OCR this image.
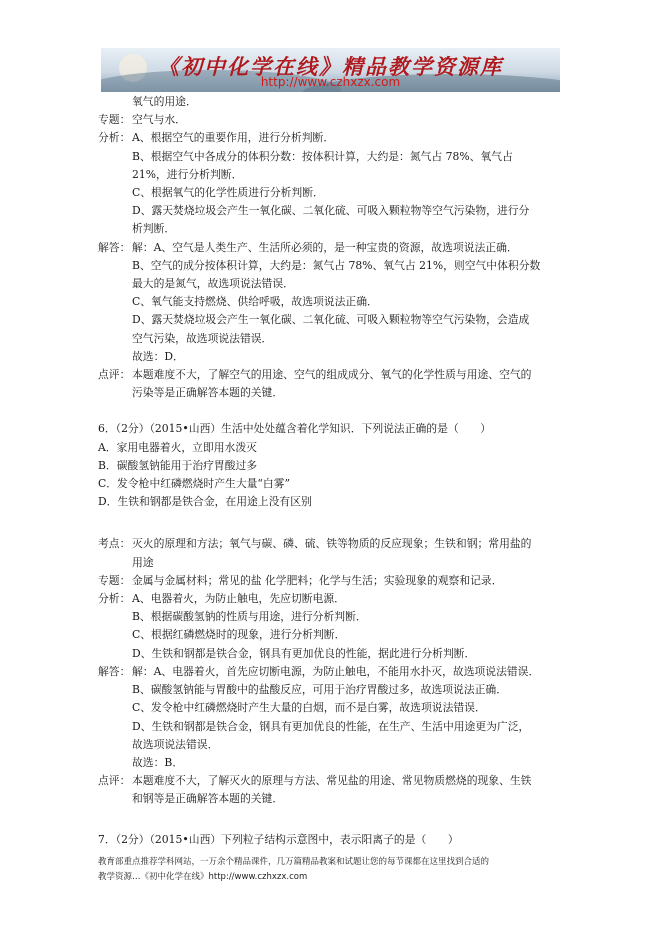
《初中化学在线》精品教学资源库
http://www.czhxzx.com
氧气的用途．
专题： 空气与水．
分析： A、根据空气的重要作用，进行分析判断．
B、根据空气中各成分的体积分数：按体积计算，大约是：氮气占 78%、氧气占
21%，进行分析判断．
C、根据氧气的化学性质进行分析判断．
D、露天焚烧垃圾会产生一氧化碳、二氧化硫、可吸入颗粒物等空气污染物，进行分
析判断．
解答： 解：A、空气是人类生产、生活所必须的，是一种宝贵的资源，故选项说法正确．
B、空气的成分按体积计算，大约是：氮气占 78%、氧气占 21%，则空气中体积分数
最大的是氮气，故选项说法错误．
C、氧气能支持燃烧、供给呼吸，故选项说法正确．
D、露天焚烧垃圾会产生一氧化碳、二氧化硫、可吸入颗粒物等空气污染物，会造成
空气污染，故选项说法错误．
故选：D．
点评： 本题难度不大，了解空气的用途、空气的组成成分、氧气的化学性质与用途、空气的
污染等是正确解答本题的关键．
6．（2分）（2015•山西）生活中处处蕴含着化学知识．下列说法正确的是（　　）
A．家用电器着火，立即用水泼灭
B．碳酸氢钠能用于治疗胃酸过多
C．发令枪中红磷燃烧时产生大量“白雾”
D．生铁和钢都是铁合金，在用途上没有区别
考点： 灭火的原理和方法；氧气与碳、磷、硫、铁等物质的反应现象；生铁和钢；常用盐的
用途
专题： 金属与金属材料；常见的盐 化学肥料；化学与生活；实验现象的观察和记录．
分析： A、电器着火，为防止触电，先应切断电源．
B、根据碳酸氢钠的性质与用途，进行分析判断．
C、根据红磷燃烧时的现象，进行分析判断．
D、生铁和钢都是铁合金，钢具有更加优良的性能，据此进行分析判断．
解答： 解：A、电器着火，首先应切断电源，为防止触电，不能用水扑灭，故选项说法错误．
B、碳酸氢钠能与胃酸中的盐酸反应，可用于治疗胃酸过多，故选项说法正确．
C、发令枪中红磷燃烧时产生大量的白烟，而不是白雾，故选项说法错误．
D、生铁和钢都是铁合金，钢具有更加优良的性能，在生产、生活中用途更为广泛，
故选项说法错误．
故选：B．
点评： 本题难度不大，了解灭火的原理与方法、常见盐的用途、常见物质燃烧的现象、生铁
和钢等是正确解答本题的关键．
7．（2分）（2015•山西）下列粒子结构示意图中，表示阳离子的是（　　）
教育部重点推荐学科网站，一万余个精品课件，几万篇精品教案和试题让您的每节课都在这里找到合适的
教学资源…《初中化学在线》http://www.czhxzx.com
